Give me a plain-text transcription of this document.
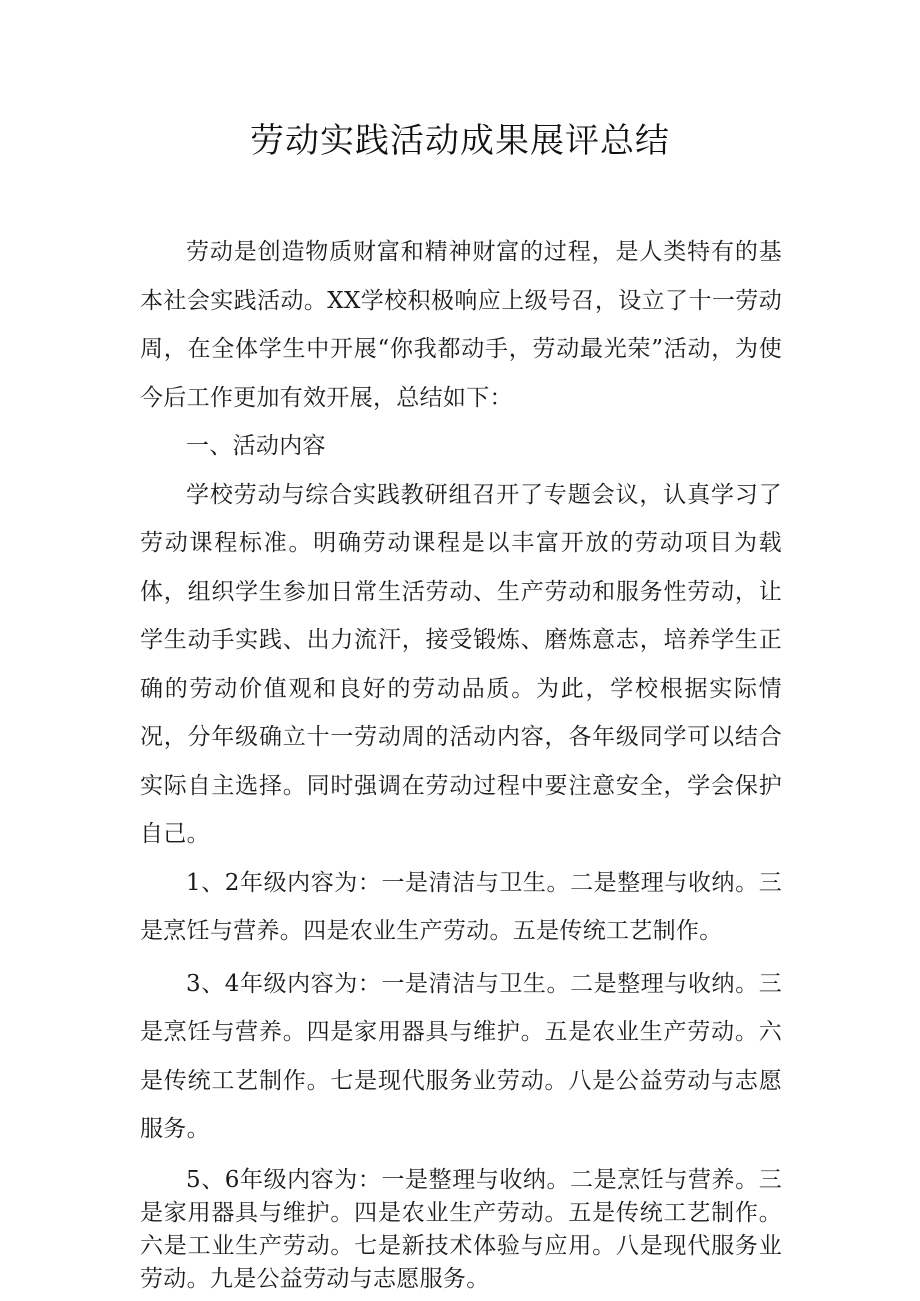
劳动实践活动成果展评总结

劳动是创造物质财富和精神财富的过程，是人类特有的基本社会实践活动。XX学校积极响应上级号召，设立了十一劳动周，在全体学生中开展“你我都动手，劳动最光荣”活动，为使今后工作更加有效开展，总结如下：

一、活动内容

学校劳动与综合实践教研组召开了专题会议，认真学习了劳动课程标准。明确劳动课程是以丰富开放的劳动项目为载体，组织学生参加日常生活劳动、生产劳动和服务性劳动，让学生动手实践、出力流汗，接受锻炼、磨炼意志，培养学生正确的劳动价值观和良好的劳动品质。为此，学校根据实际情况，分年级确立十一劳动周的活动内容，各年级同学可以结合实际自主选择。同时强调在劳动过程中要注意安全，学会保护自己。

1、2年级内容为：一是清洁与卫生。二是整理与收纳。三是烹饪与营养。四是农业生产劳动。五是传统工艺制作。

3、4年级内容为：一是清洁与卫生。二是整理与收纳。三是烹饪与营养。四是家用器具与维护。五是农业生产劳动。六是传统工艺制作。七是现代服务业劳动。八是公益劳动与志愿服务。

5、6年级内容为：一是整理与收纳。二是烹饪与营养。三是家用器具与维护。四是农业生产劳动。五是传统工艺制作。六是工业生产劳动。七是新技术体验与应用。八是现代服务业劳动。九是公益劳动与志愿服务。
